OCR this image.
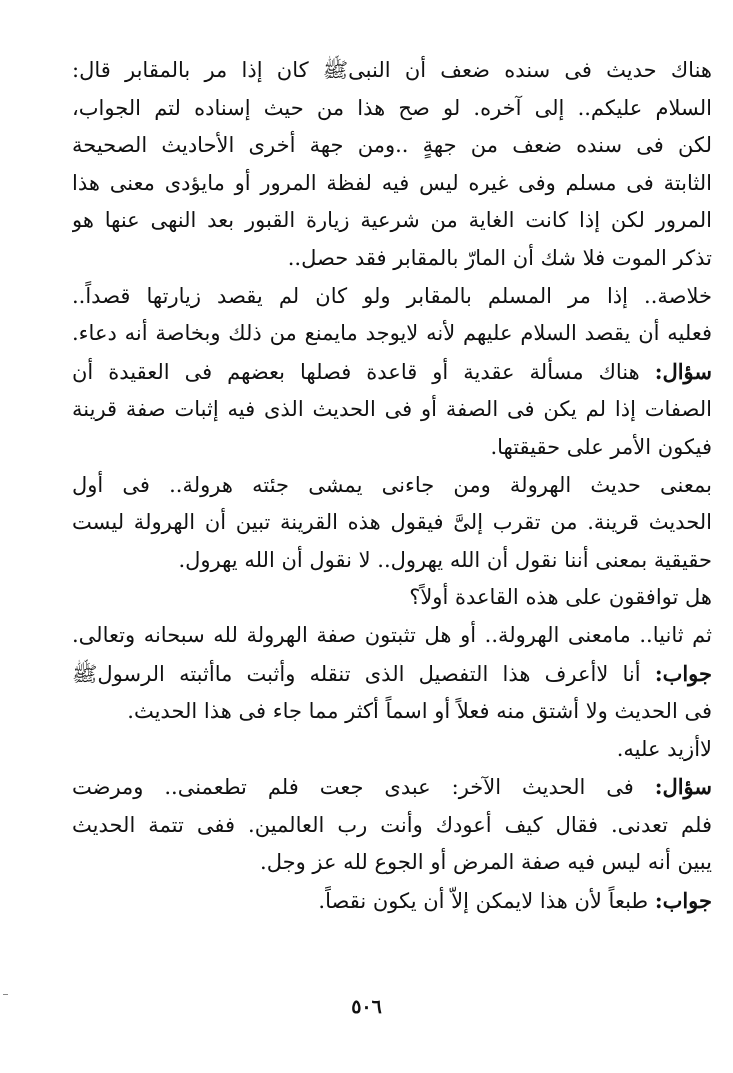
هناك حديث فى سنده ضعف أن النبىﷺ كان إذا مر بالمقابر قال:
السلام عليكم.. إلى آخره. لو صح هذا من حيث إسناده لتم الجواب،
لكن فى سنده ضعف من جهةٍ ..ومن جهة أخرى الأحاديث الصحيحة
الثابتة فى مسلم وفى غيره ليس فيه لفظة المرور أو مايؤدى معنى هذا
المرور لكن إذا كانت الغاية من شرعية زيارة القبور بعد النهى عنها هو
تذكر الموت فلا شك أن المارّ بالمقابر فقد حصل..
خلاصة.. إذا مر المسلم بالمقابر ولو كان لم يقصد زيارتها قصداً..
فعليه أن يقصد السلام عليهم لأنه لايوجد مايمنع من ذلك وبخاصة أنه دعاء.
سؤال: هناك مسألة عقدية أو قاعدة فصلها بعضهم فى العقيدة أن
الصفات إذا لم يكن فى الصفة أو فى الحديث الذى فيه إثبات صفة قرينة
فيكون الأمر على حقيقتها.
بمعنى حديث الهرولة ومن جاءنى يمشى جئته هرولة.. فى أول
الحديث قرينة. من تقرب إلىَّ فيقول هذه القرينة تبين أن الهرولة ليست
حقيقية بمعنى أننا نقول أن الله يهرول.. لا نقول أن الله يهرول.
هل توافقون على هذه القاعدة أولاً؟
ثم ثانيا.. مامعنى الهرولة.. أو هل تثبتون صفة الهرولة لله سبحانه وتعالى.
جواب: أنا لاأعرف هذا التفصيل الذى تنقله وأثبت ماأثبته الرسولﷺ
فى الحديث ولا أشتق منه فعلاً أو اسماً أكثر مما جاء فى هذا الحديث.
لاأزيد عليه.
سؤال: فى الحديث الآخر: عبدى جعت فلم تطعمنى.. ومرضت
فلم تعدنى. فقال كيف أعودك وأنت رب العالمين. ففى تتمة الحديث
يبين أنه ليس فيه صفة المرض أو الجوع لله عز وجل.
جواب: طبعاً لأن هذا لايمكن إلاّ أن يكون نقصاً.
٥٠٦
